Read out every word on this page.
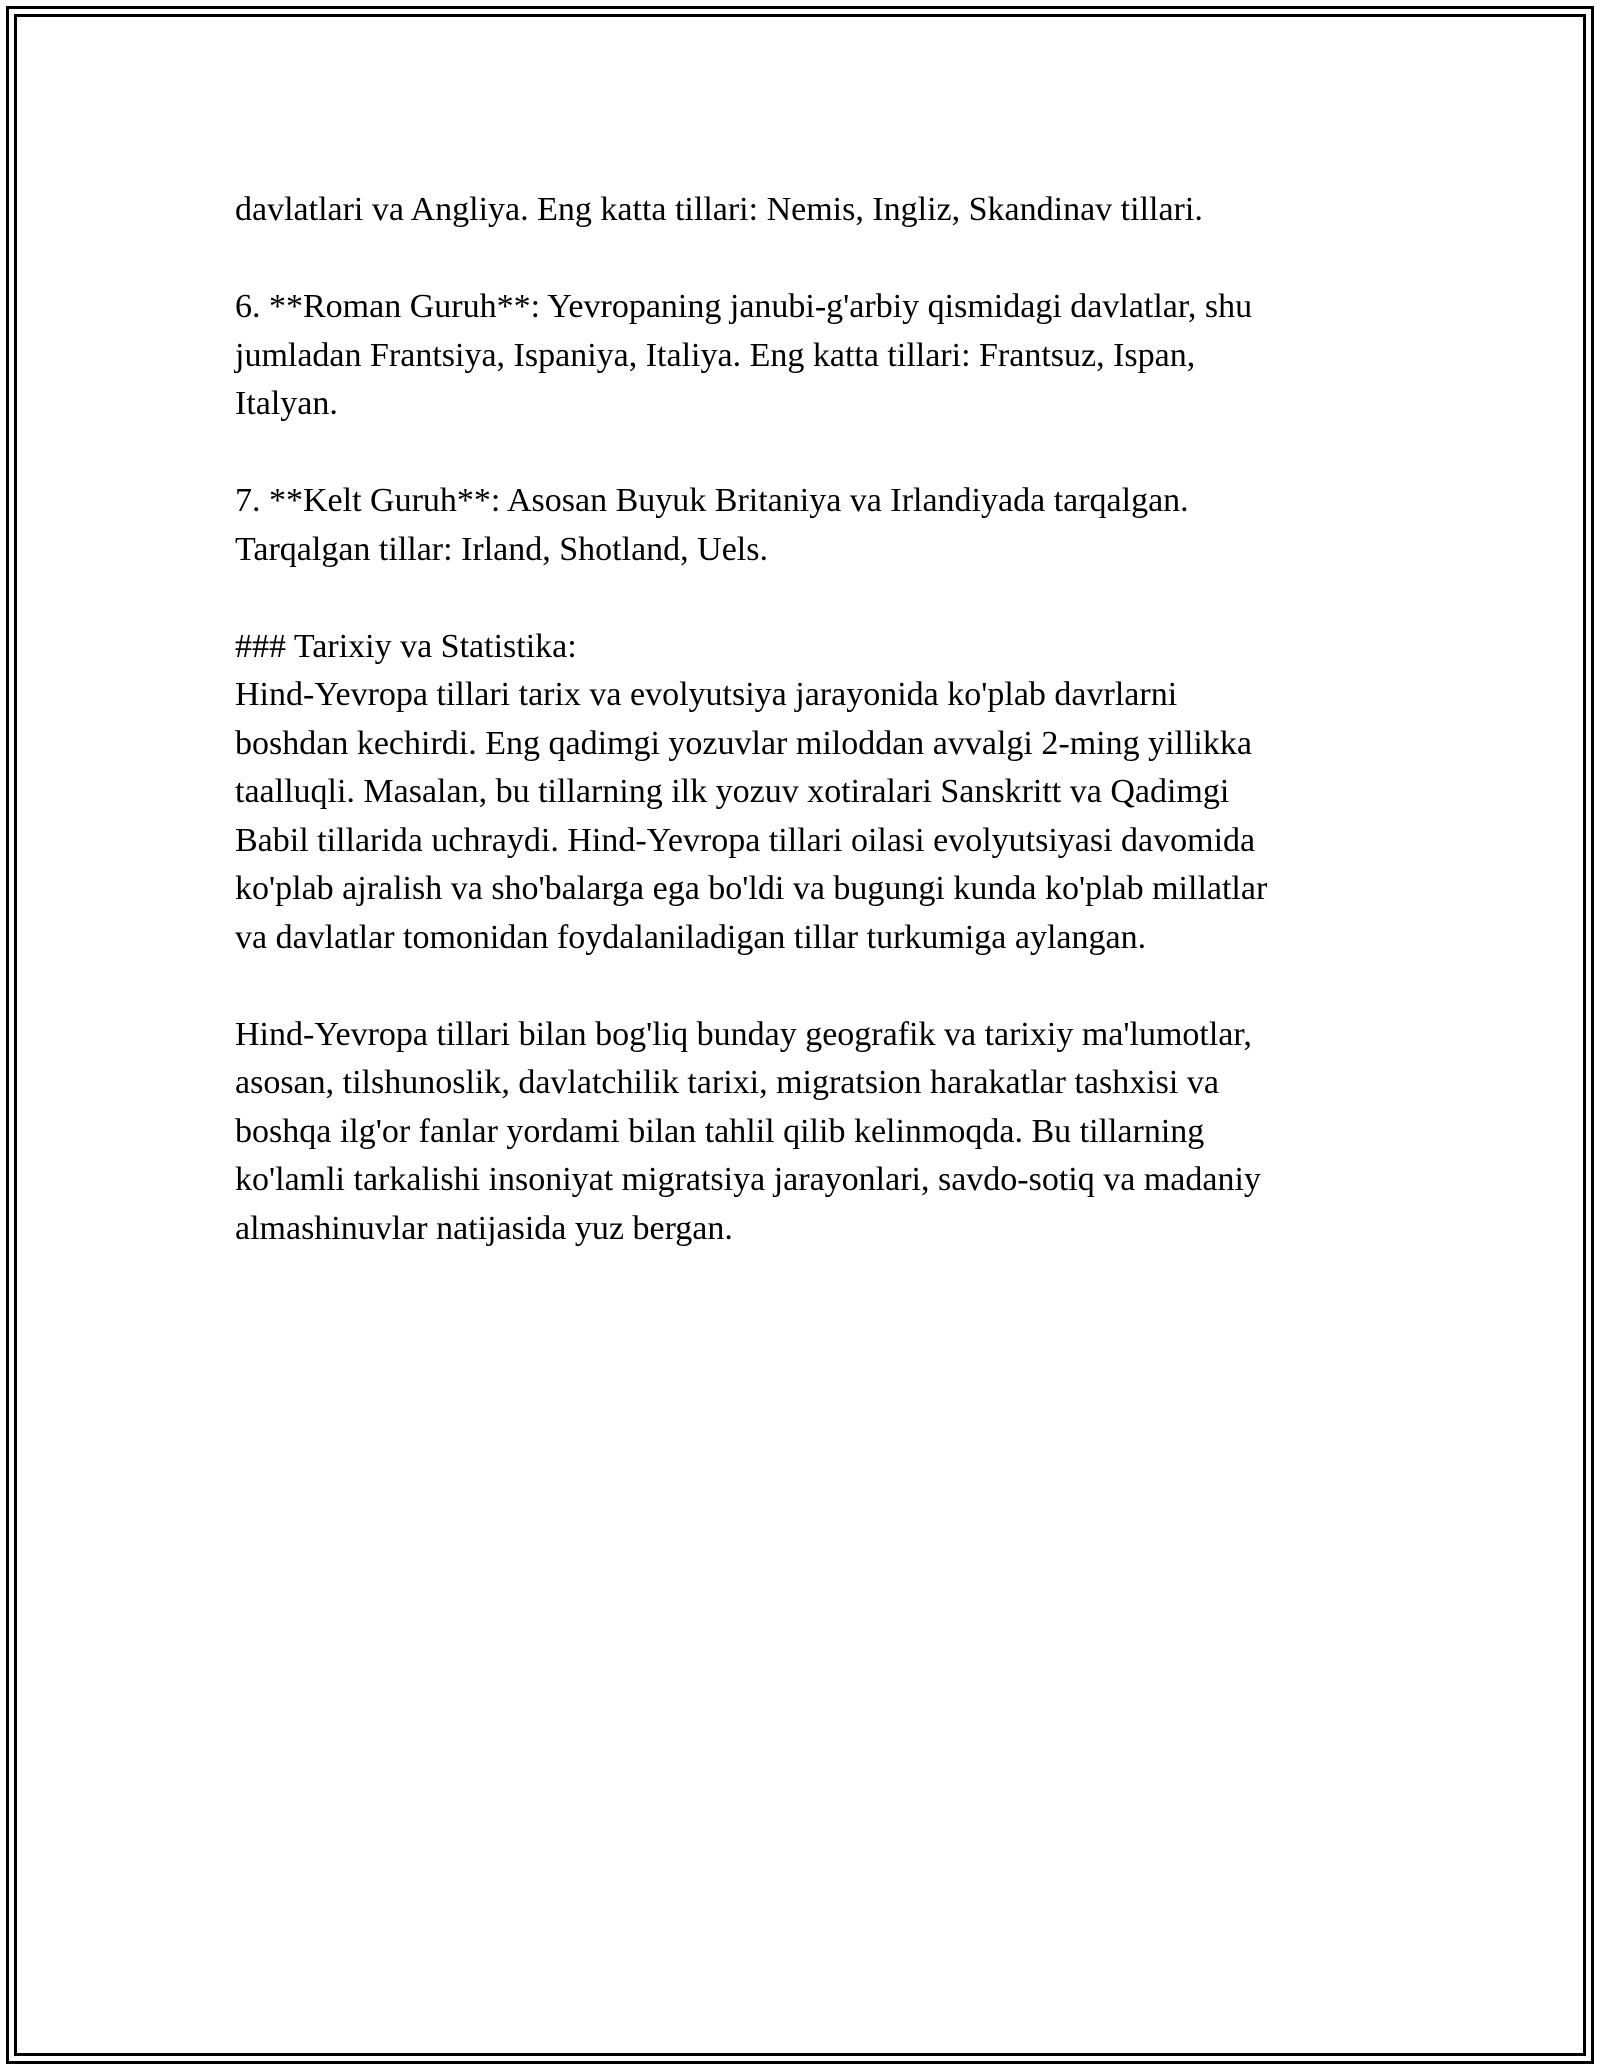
davlatlari va Angliya. Eng katta tillari: Nemis, Ingliz, Skandinav tillari.

6. **Roman Guruh**: Yevropaning janubi-g'arbiy qismidagi davlatlar, shu
jumladan Frantsiya, Ispaniya, Italiya. Eng katta tillari: Frantsuz, Ispan,
Italyan.

7. **Kelt Guruh**: Asosan Buyuk Britaniya va Irlandiyada tarqalgan.
Tarqalgan tillar: Irland, Shotland, Uels.

### Tarixiy va Statistika:
Hind-Yevropa tillari tarix va evolyutsiya jarayonida ko'plab davrlarni
boshdan kechirdi. Eng qadimgi yozuvlar miloddan avvalgi 2-ming yillikka
taalluqli. Masalan, bu tillarning ilk yozuv xotiralari Sanskritt va Qadimgi
Babil tillarida uchraydi. Hind-Yevropa tillari oilasi evolyutsiyasi davomida
ko'plab ajralish va sho'balarga ega bo'ldi va bugungi kunda ko'plab millatlar
va davlatlar tomonidan foydalaniladigan tillar turkumiga aylangan.

Hind-Yevropa tillari bilan bog'liq bunday geografik va tarixiy ma'lumotlar,
asosan, tilshunoslik, davlatchilik tarixi, migratsion harakatlar tashxisi va
boshqa ilg'or fanlar yordami bilan tahlil qilib kelinmoqda. Bu tillarning
ko'lamli tarkalishi insoniyat migratsiya jarayonlari, savdo-sotiq va madaniy
almashinuvlar natijasida yuz bergan.
